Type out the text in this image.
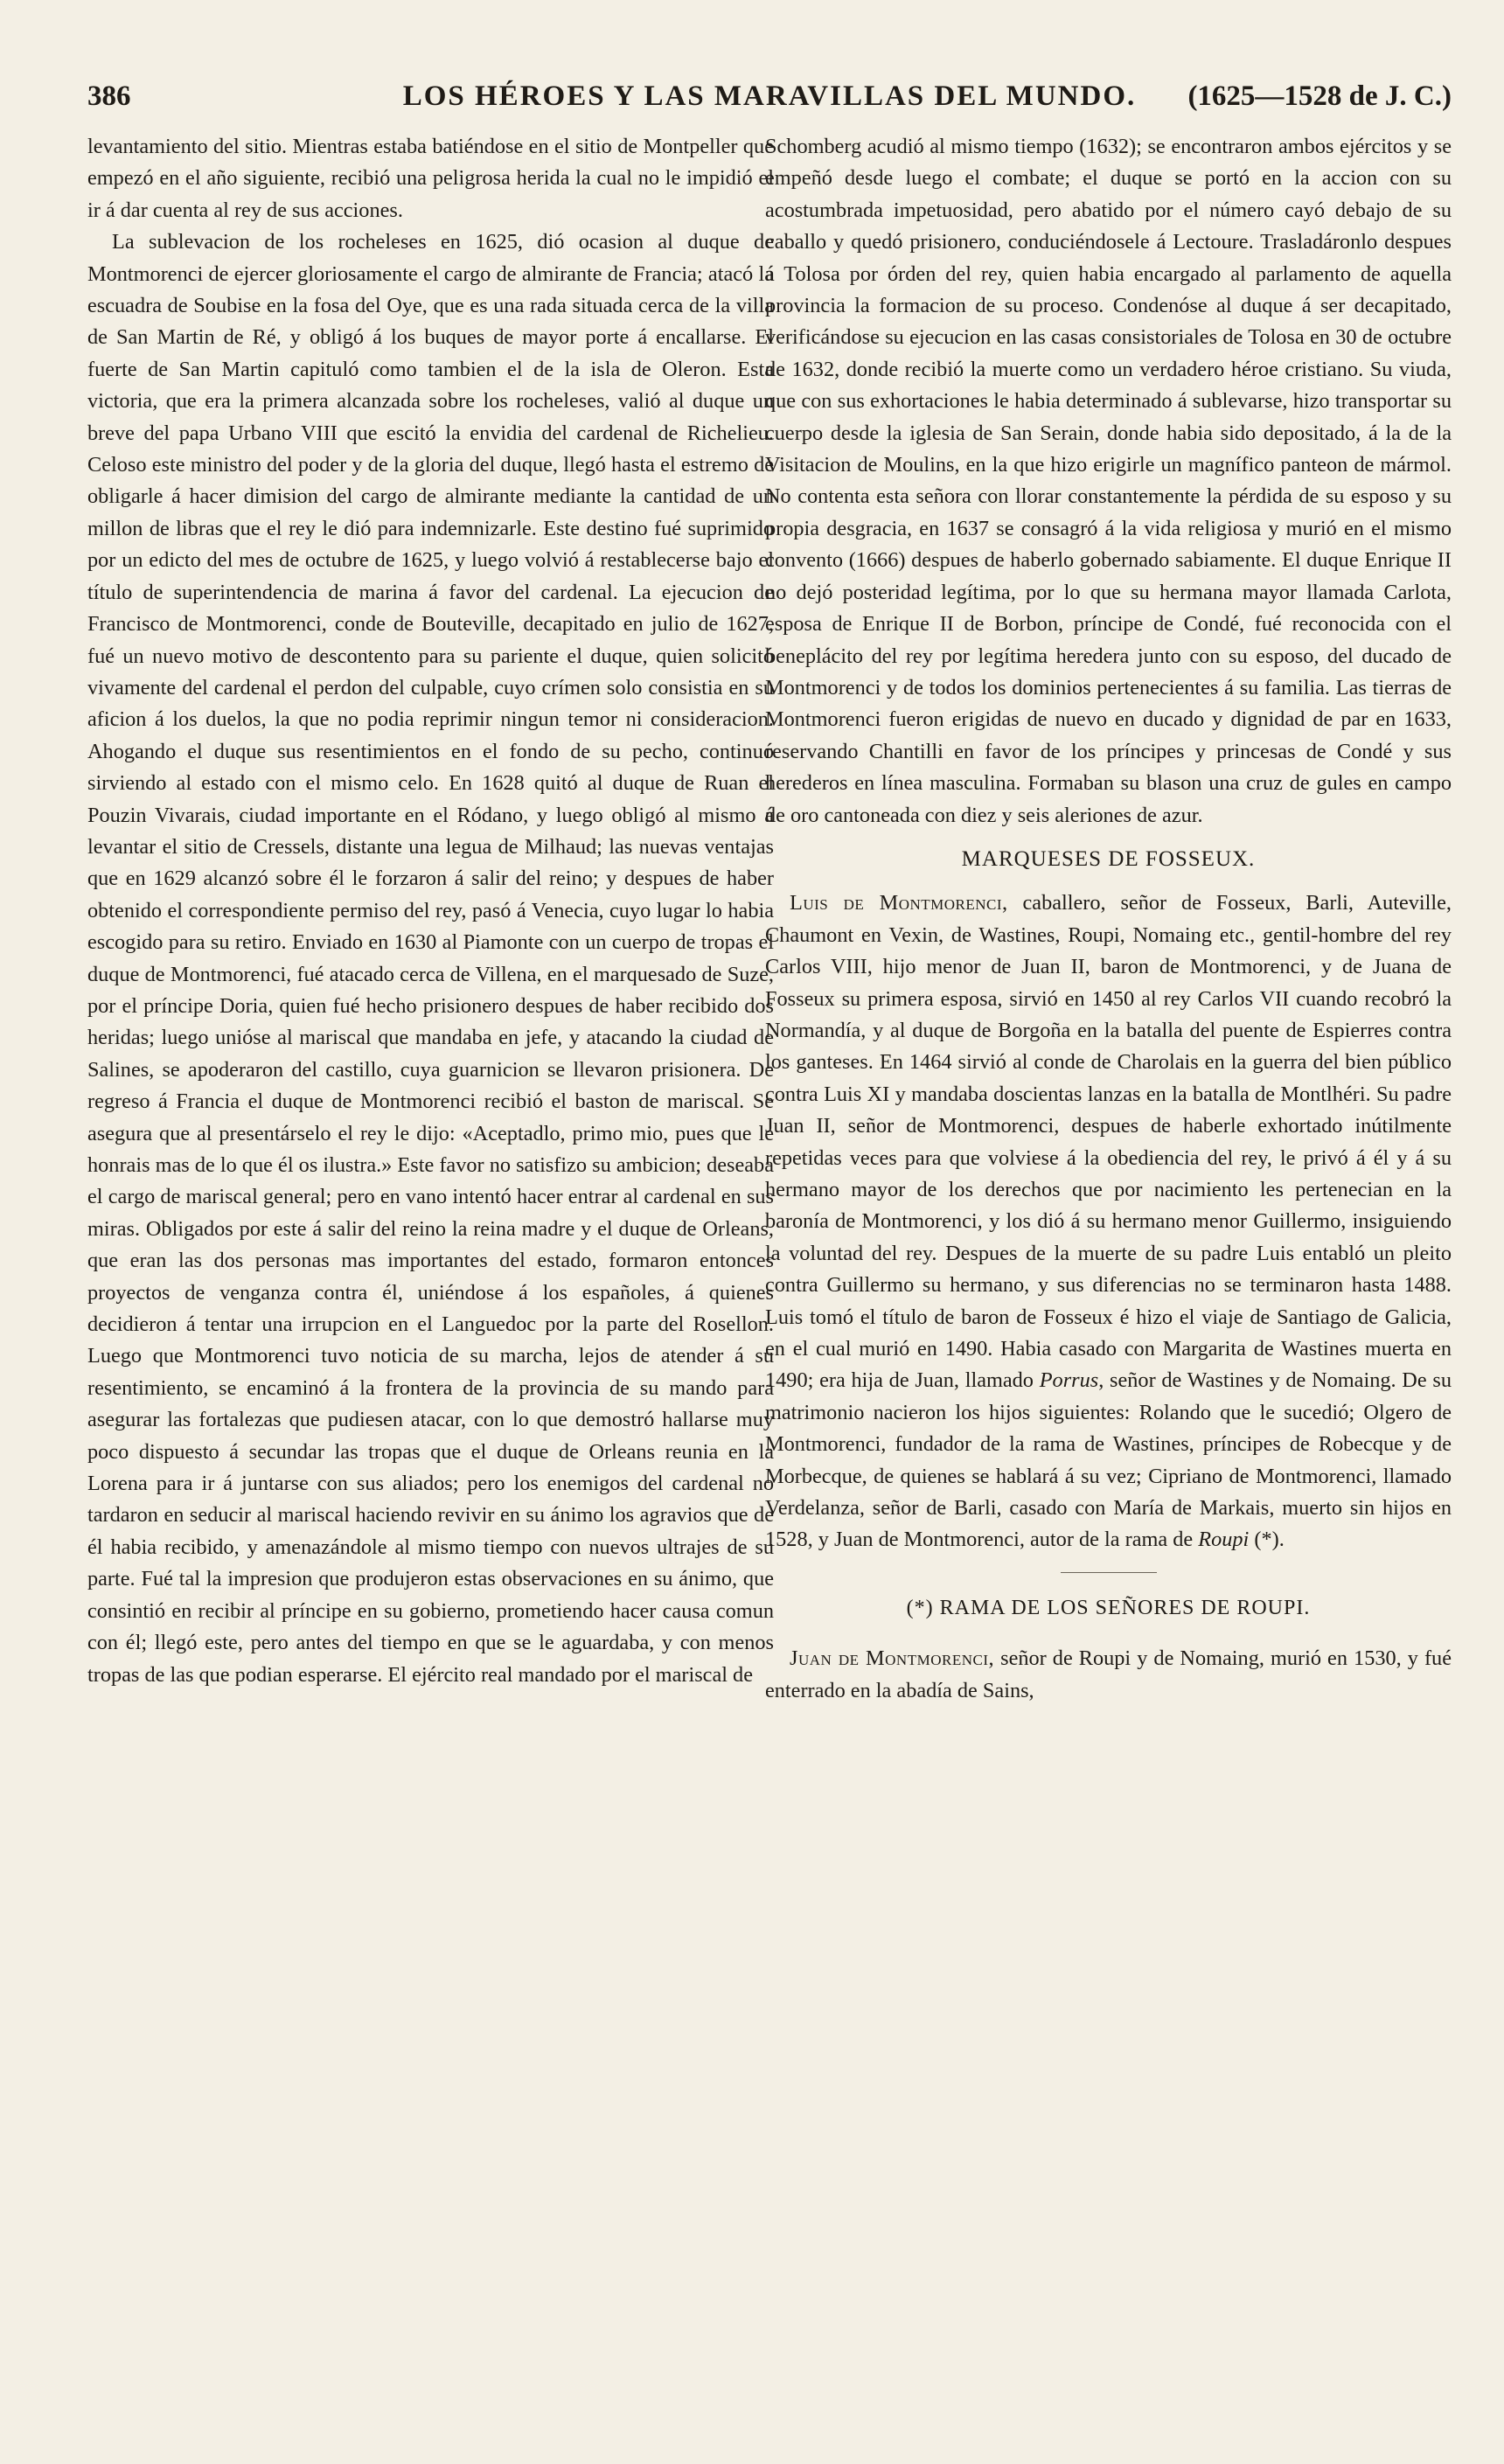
386	LOS HÉROES Y LAS MARAVILLAS DEL MUNDO.	(1625—1528 de J. C.)

levantamiento del sitio. Mientras estaba batiéndose en el sitio de Montpeller que empezó en el año siguiente, recibió una peligrosa herida la cual no le impidió el ir á dar cuenta al rey de sus acciones.

La sublevacion de los rocheleses en 1625, dió ocasion al duque de Montmorenci de ejercer gloriosamente el cargo de almirante de Francia; atacó la escuadra de Soubise en la fosa del Oye, que es una rada situada cerca de la villa de San Martin de Ré, y obligó á los buques de mayor porte á encallarse. El fuerte de San Martin capituló como tambien el de la isla de Oleron. Esta victoria, que era la primera alcanzada sobre los rocheleses, valió al duque un breve del papa Urbano VIII que escitó la envidia del cardenal de Richelieu. Celoso este ministro del poder y de la gloria del duque, llegó hasta el estremo de obligarle á hacer dimision del cargo de almirante mediante la cantidad de un millon de libras que el rey le dió para indemnizarle. Este destino fué suprimido por un edicto del mes de octubre de 1625, y luego volvió á restablecerse bajo el título de superintendencia de marina á favor del cardenal. La ejecucion de Francisco de Montmorenci, conde de Bouteville, decapitado en julio de 1627, fué un nuevo motivo de descontento para su pariente el duque, quien solicitó vivamente del cardenal el perdon del culpable, cuyo crímen solo consistia en su aficion á los duelos, la que no podia reprimir ningun temor ni consideracion. Ahogando el duque sus resentimientos en el fondo de su pecho, continuó sirviendo al estado con el mismo celo. En 1628 quitó al duque de Ruan el Pouzin Vivarais, ciudad importante en el Ródano, y luego obligó al mismo á levantar el sitio de Cressels, distante una legua de Milhaud; las nuevas ventajas que en 1629 alcanzó sobre él le forzaron á salir del reino; y despues de haber obtenido el correspondiente permiso del rey, pasó á Venecia, cuyo lugar lo habia escogido para su retiro. Enviado en 1630 al Piamonte con un cuerpo de tropas el duque de Montmorenci, fué atacado cerca de Villena, en el marquesado de Suze, por el príncipe Doria, quien fué hecho prisionero despues de haber recibido dos heridas; luego unióse al mariscal que mandaba en jefe, y atacando la ciudad de Salines, se apoderaron del castillo, cuya guarnicion se llevaron prisionera. De regreso á Francia el duque de Montmorenci recibió el baston de mariscal. Se asegura que al presentárselo el rey le dijo: «Aceptadlo, primo mio, pues que le honrais mas de lo que él os ilustra.» Este favor no satisfizo su ambicion; deseaba el cargo de mariscal general; pero en vano intentó hacer entrar al cardenal en sus miras. Obligados por este á salir del reino la reina madre y el duque de Orleans, que eran las dos personas mas importantes del estado, formaron entonces proyectos de venganza contra él, uniéndose á los españoles, á quienes decidieron á tentar una irrupcion en el Languedoc por la parte del Rosellon. Luego que Montmorenci tuvo noticia de su marcha, lejos de atender á su resentimiento, se encaminó á la frontera de la provincia de su mando para asegurar las fortalezas que pudiesen atacar, con lo que demostró hallarse muy poco dispuesto á secundar las tropas que el duque de Orleans reunia en la Lorena para ir á juntarse con sus aliados; pero los enemigos del cardenal no tardaron en seducir al mariscal haciendo revivir en su ánimo los agravios que de él habia recibido, y amenazándole al mismo tiempo con nuevos ultrajes de su parte. Fué tal la impresion que produjeron estas observaciones en su ánimo, que consintió en recibir al príncipe en su gobierno, prometiendo hacer causa comun con él; llegó este, pero antes del tiempo en que se le aguardaba, y con menos tropas de las que podian esperarse. El ejército real mandado por el mariscal de

Schomberg acudió al mismo tiempo (1632); se encontraron ambos ejércitos y se empeñó desde luego el combate; el duque se portó en la accion con su acostumbrada impetuosidad, pero abatido por el número cayó debajo de su caballo y quedó prisionero, conduciéndosele á Lectoure. Trasladáronlo despues á Tolosa por órden del rey, quien habia encargado al parlamento de aquella provincia la formacion de su proceso. Condenóse al duque á ser decapitado, verificándose su ejecucion en las casas consistoriales de Tolosa en 30 de octubre de 1632, donde recibió la muerte como un verdadero héroe cristiano. Su viuda, que con sus exhortaciones le habia determinado á sublevarse, hizo transportar su cuerpo desde la iglesia de San Serain, donde habia sido depositado, á la de la Visitacion de Moulins, en la que hizo erigirle un magnífico panteon de mármol. No contenta esta señora con llorar constantemente la pérdida de su esposo y su propia desgracia, en 1637 se consagró á la vida religiosa y murió en el mismo convento (1666) despues de haberlo gobernado sabiamente. El duque Enrique II no dejó posteridad legítima, por lo que su hermana mayor llamada Carlota, esposa de Enrique II de Borbon, príncipe de Condé, fué reconocida con el beneplácito del rey por legítima heredera junto con su esposo, del ducado de Montmorenci y de todos los dominios pertenecientes á su familia. Las tierras de Montmorenci fueron erigidas de nuevo en ducado y dignidad de par en 1633, reservando Chantilli en favor de los príncipes y princesas de Condé y sus herederos en línea masculina. Formaban su blason una cruz de gules en campo de oro cantoneada con diez y seis aleriones de azur.

MARQUESES DE FOSSEUX.

Luis de Montmorenci, caballero, señor de Fosseux, Barli, Auteville, Chaumont en Vexin, de Wastines, Roupi, Nomaing etc., gentil-hombre del rey Carlos VIII, hijo menor de Juan II, baron de Montmorenci, y de Juana de Fosseux su primera esposa, sirvió en 1450 al rey Carlos VII cuando recobró la Normandía, y al duque de Borgoña en la batalla del puente de Espierres contra los ganteses. En 1464 sirvió al conde de Charolais en la guerra del bien público contra Luis XI y mandaba doscientas lanzas en la batalla de Montlhéri. Su padre Juan II, señor de Montmorenci, despues de haberle exhortado inútilmente repetidas veces para que volviese á la obediencia del rey, le privó á él y á su hermano mayor de los derechos que por nacimiento les pertenecian en la baronía de Montmorenci, y los dió á su hermano menor Guillermo, insiguiendo la voluntad del rey. Despues de la muerte de su padre Luis entabló un pleito contra Guillermo su hermano, y sus diferencias no se terminaron hasta 1488. Luis tomó el título de baron de Fosseux é hizo el viaje de Santiago de Galicia, en el cual murió en 1490. Habia casado con Margarita de Wastines muerta en 1490; era hija de Juan, llamado Porrus, señor de Wastines y de Nomaing. De su matrimonio nacieron los hijos siguientes: Rolando que le sucedió; Olgero de Montmorenci, fundador de la rama de Wastines, príncipes de Robecque y de Morbecque, de quienes se hablará á su vez; Cipriano de Montmorenci, llamado Verdelanza, señor de Barli, casado con María de Markais, muerto sin hijos en 1528, y Juan de Montmorenci, autor de la rama de Roupi (*).

(*) RAMA DE LOS SEÑORES DE ROUPI.

Juan de Montmorenci, señor de Roupi y de Nomaing, murió en 1530, y fué enterrado en la abadía de Sains,
